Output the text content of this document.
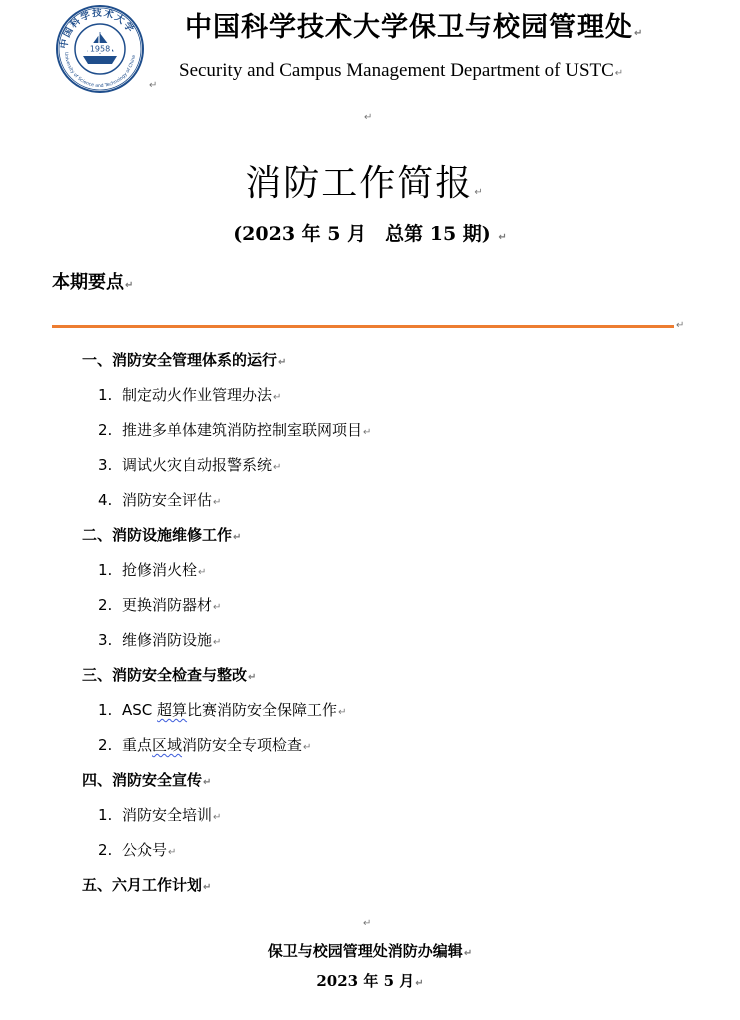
中国科学技术大学
University of Science and Technology of China
1958
中国科学技术大学保卫与校园管理处↵
Security and Campus Management Department of USTC↵
↵
↵
消防工作简报↵
(2023 年 5 月　总第 15 期) ↵
本期要点↵
↵
一、消防安全管理体系的运行↵
1. 制定动火作业管理办法↵
2. 推进多单体建筑消防控制室联网项目↵
3. 调试火灾自动报警系统↵
4. 消防安全评估↵
二、消防设施维修工作↵
1. 抢修消火栓↵
2. 更换消防器材↵
3. 维修消防设施↵
三、消防安全检查与整改↵
1. ASC 超算比赛消防安全保障工作↵
2. 重点区域消防安全专项检查↵
四、消防安全宣传↵
1. 消防安全培训↵
2. 公众号↵
五、六月工作计划↵
↵
保卫与校园管理处消防办编辑↵
2023 年 5 月↵
